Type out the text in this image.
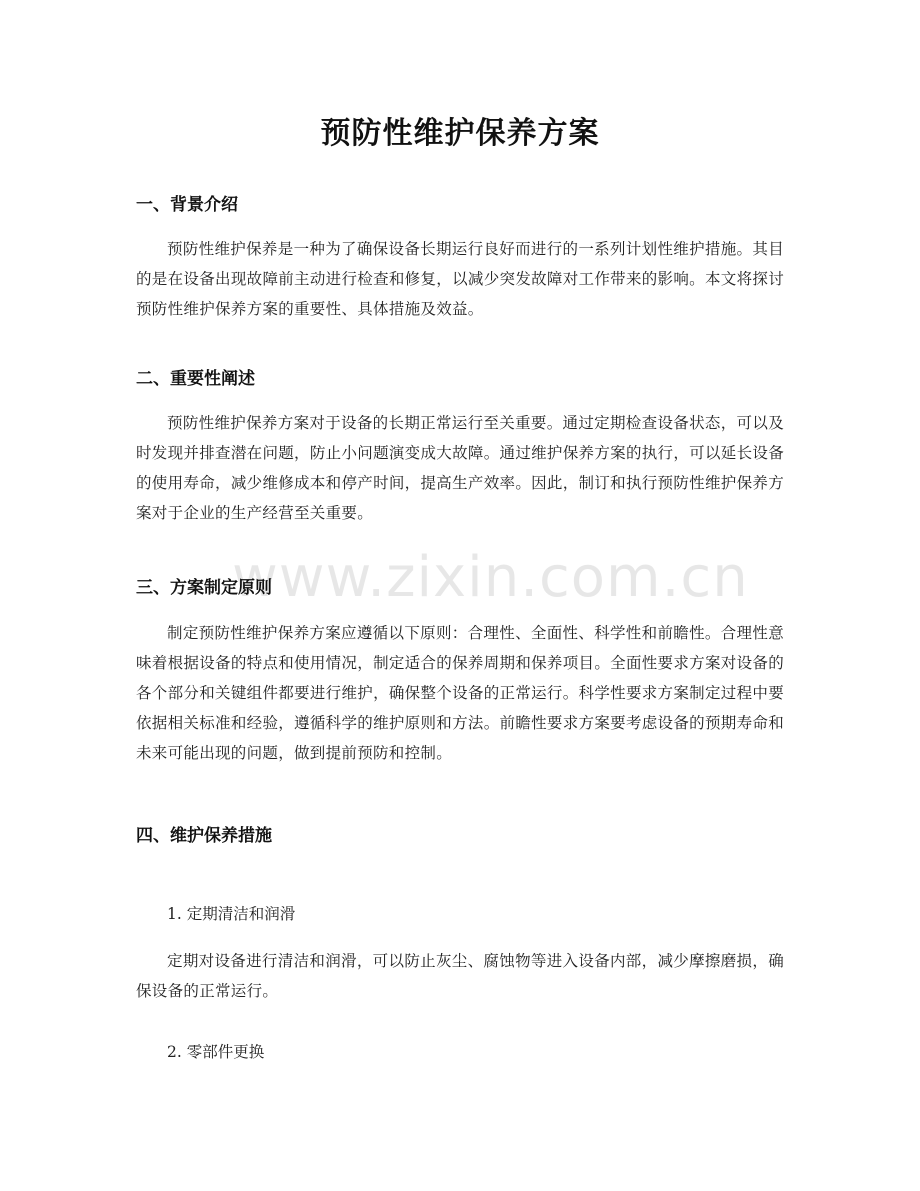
预防性维护保养方案
一、背景介绍
预防性维护保养是一种为了确保设备长期运行良好而进行的一系列计划性维护措施。其目的是在设备出现故障前主动进行检查和修复，以减少突发故障对工作带来的影响。本文将探讨预防性维护保养方案的重要性、具体措施及效益。
二、重要性阐述
预防性维护保养方案对于设备的长期正常运行至关重要。通过定期检查设备状态，可以及时发现并排查潜在问题，防止小问题演变成大故障。通过维护保养方案的执行，可以延长设备的使用寿命，减少维修成本和停产时间，提高生产效率。因此，制订和执行预防性维护保养方案对于企业的生产经营至关重要。
三、方案制定原则
制定预防性维护保养方案应遵循以下原则：合理性、全面性、科学性和前瞻性。合理性意味着根据设备的特点和使用情况，制定适合的保养周期和保养项目。全面性要求方案对设备的各个部分和关键组件都要进行维护，确保整个设备的正常运行。科学性要求方案制定过程中要依据相关标准和经验，遵循科学的维护原则和方法。前瞻性要求方案要考虑设备的预期寿命和未来可能出现的问题，做到提前预防和控制。
四、维护保养措施
1. 定期清洁和润滑
定期对设备进行清洁和润滑，可以防止灰尘、腐蚀物等进入设备内部，减少摩擦磨损，确保设备的正常运行。
2. 零部件更换
www.zixin.com.cn
